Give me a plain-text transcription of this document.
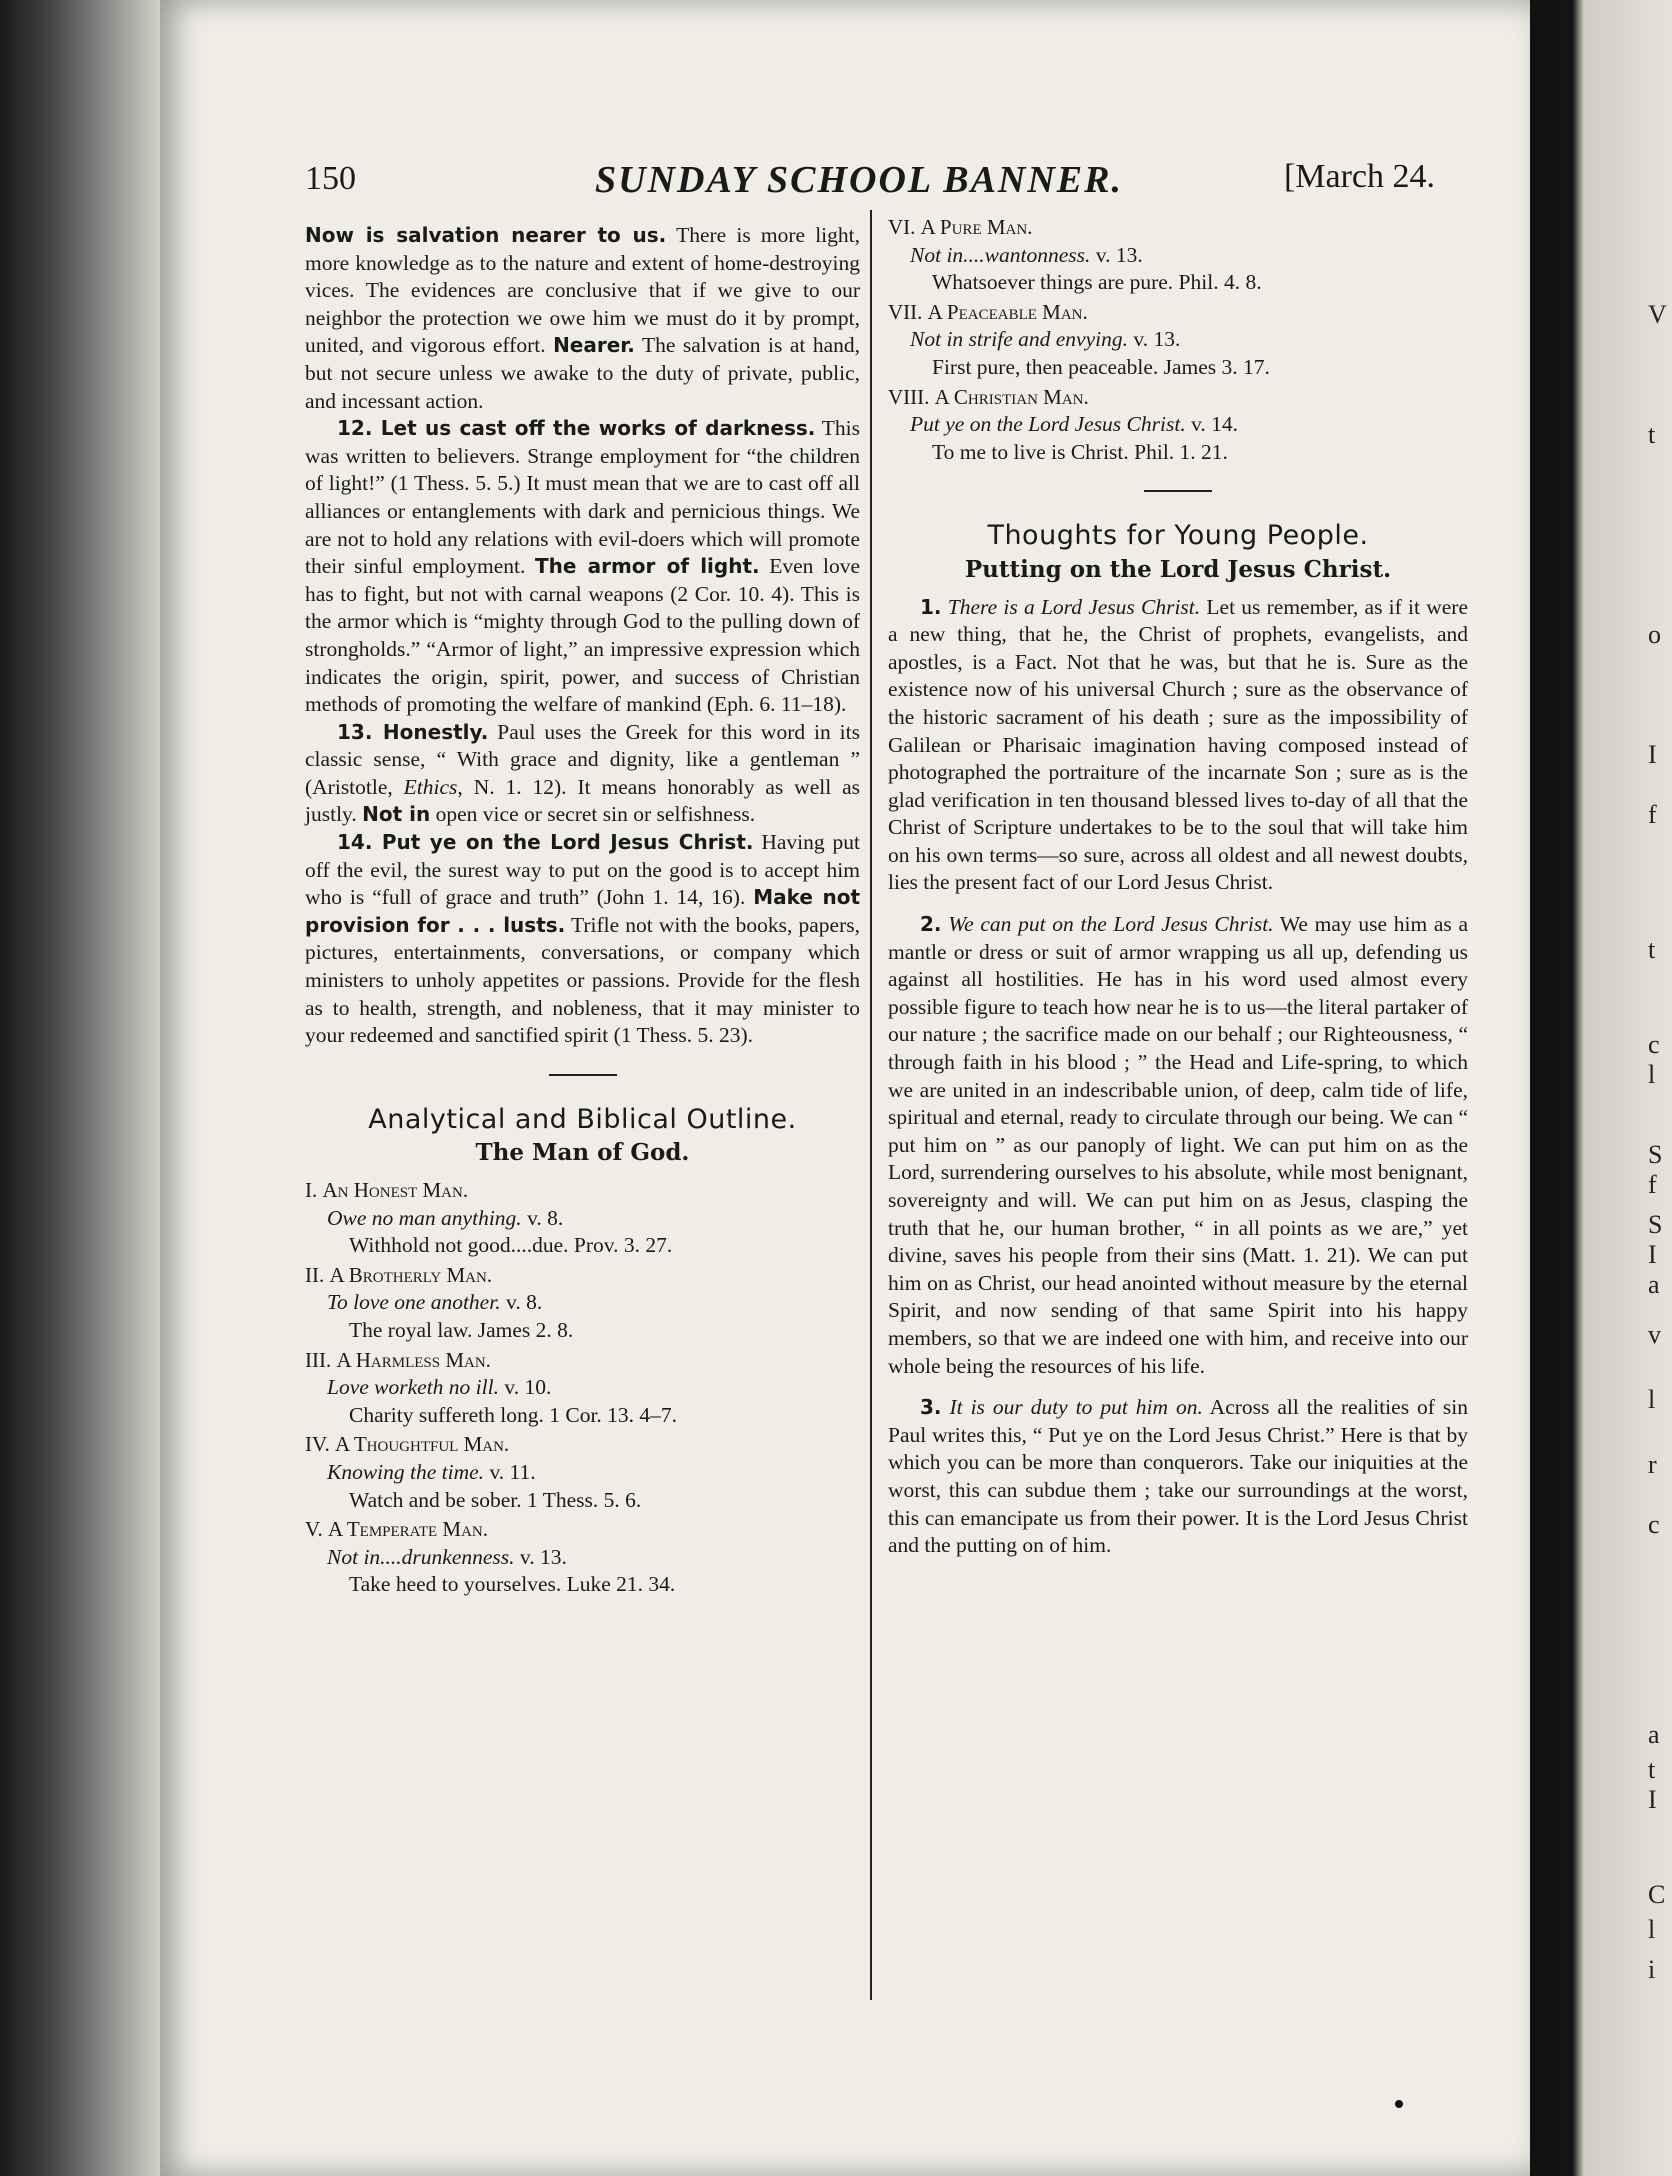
V
t
o
I
f
t
c
l
S
f
S
I
a
v
l
r
c
a
t
I
C
l
i
150	SUNDAY SCHOOL BANNER.	[March 24.

Now is salvation nearer to us. There is more light, more knowledge as to the nature and extent of home-destroying vices. The evidences are conclusive that if we give to our neighbor the protection we owe him we must do it by prompt, united, and vigorous effort. Nearer. The salvation is at hand, but not secure unless we awake to the duty of private, public, and incessant action.

12. Let us cast off the works of darkness. This was written to believers. Strange employment for “the children of light!” (1 Thess. 5. 5.) It must mean that we are to cast off all alliances or entanglements with dark and pernicious things. We are not to hold any relations with evil-doers which will promote their sinful employment. The armor of light. Even love has to fight, but not with carnal weapons (2 Cor. 10. 4). This is the armor which is “mighty through God to the pulling down of strongholds.” “Armor of light,” an impressive expression which indicates the origin, spirit, power, and success of Christian methods of promoting the welfare of mankind (Eph. 6. 11–18).

13. Honestly. Paul uses the Greek for this word in its classic sense, “ With grace and dignity, like a gentleman ” (Aristotle, Ethics, N. 1. 12). It means honorably as well as justly. Not in open vice or secret sin or selfishness.

14. Put ye on the Lord Jesus Christ. Having put off the evil, the surest way to put on the good is to accept him who is “full of grace and truth” (John 1. 14, 16). Make not provision for . . . lusts. Trifle not with the books, papers, pictures, entertainments, conversations, or company which ministers to unholy appetites or passions. Provide for the flesh as to health, strength, and nobleness, that it may minister to your redeemed and sanctified spirit (1 Thess. 5. 23).

Analytical and Biblical Outline.
The Man of God.
I. An Honest Man.
Owe no man anything. v. 8.
Withhold not good....due. Prov. 3. 27.
II. A Brotherly Man.
To love one another. v. 8.
The royal law. James 2. 8.
III. A Harmless Man.
Love worketh no ill. v. 10.
Charity suffereth long. 1 Cor. 13. 4–7.
IV. A Thoughtful Man.
Knowing the time. v. 11.
Watch and be sober. 1 Thess. 5. 6.
V. A Temperate Man.
Not in....drunkenness. v. 13.
Take heed to yourselves. Luke 21. 34.
VI. A Pure Man.
Not in....wantonness. v. 13.
Whatsoever things are pure. Phil. 4. 8.
VII. A Peaceable Man.
Not in strife and envying. v. 13.
First pure, then peaceable. James 3. 17.
VIII. A Christian Man.
Put ye on the Lord Jesus Christ. v. 14.
To me to live is Christ. Phil. 1. 21.
Thoughts for Young People.
Putting on the Lord Jesus Christ.

1. There is a Lord Jesus Christ. Let us remember, as if it were a new thing, that he, the Christ of prophets, evangelists, and apostles, is a Fact. Not that he was, but that he is. Sure as the existence now of his universal Church ; sure as the observance of the historic sacrament of his death ; sure as the impossibility of Galilean or Pharisaic imagination having composed instead of photographed the portraiture of the incarnate Son ; sure as is the glad verification in ten thousand blessed lives to-day of all that the Christ of Scripture undertakes to be to the soul that will take him on his own terms—so sure, across all oldest and all newest doubts, lies the present fact of our Lord Jesus Christ.

2. We can put on the Lord Jesus Christ. We may use him as a mantle or dress or suit of armor wrapping us all up, defending us against all hostilities. He has in his word used almost every possible figure to teach how near he is to us—the literal partaker of our nature ; the sacrifice made on our behalf ; our Righteousness, “ through faith in his blood ; ” the Head and Life-spring, to which we are united in an indescribable union, of deep, calm tide of life, spiritual and eternal, ready to circulate through our being. We can “ put him on ” as our panoply of light. We can put him on as the Lord, surrendering ourselves to his absolute, while most benignant, sovereignty and will. We can put him on as Jesus, clasping the truth that he, our human brother, “ in all points as we are,” yet divine, saves his people from their sins (Matt. 1. 21). We can put him on as Christ, our head anointed without measure by the eternal Spirit, and now sending of that same Spirit into his happy members, so that we are indeed one with him, and receive into our whole being the resources of his life.

3. It is our duty to put him on. Across all the realities of sin Paul writes this, “ Put ye on the Lord Jesus Christ.” Here is that by which you can be more than conquerors. Take our iniquities at the worst, this can subdue them ; take our surroundings at the worst, this can emancipate us from their power. It is the Lord Jesus Christ and the putting on of him.
